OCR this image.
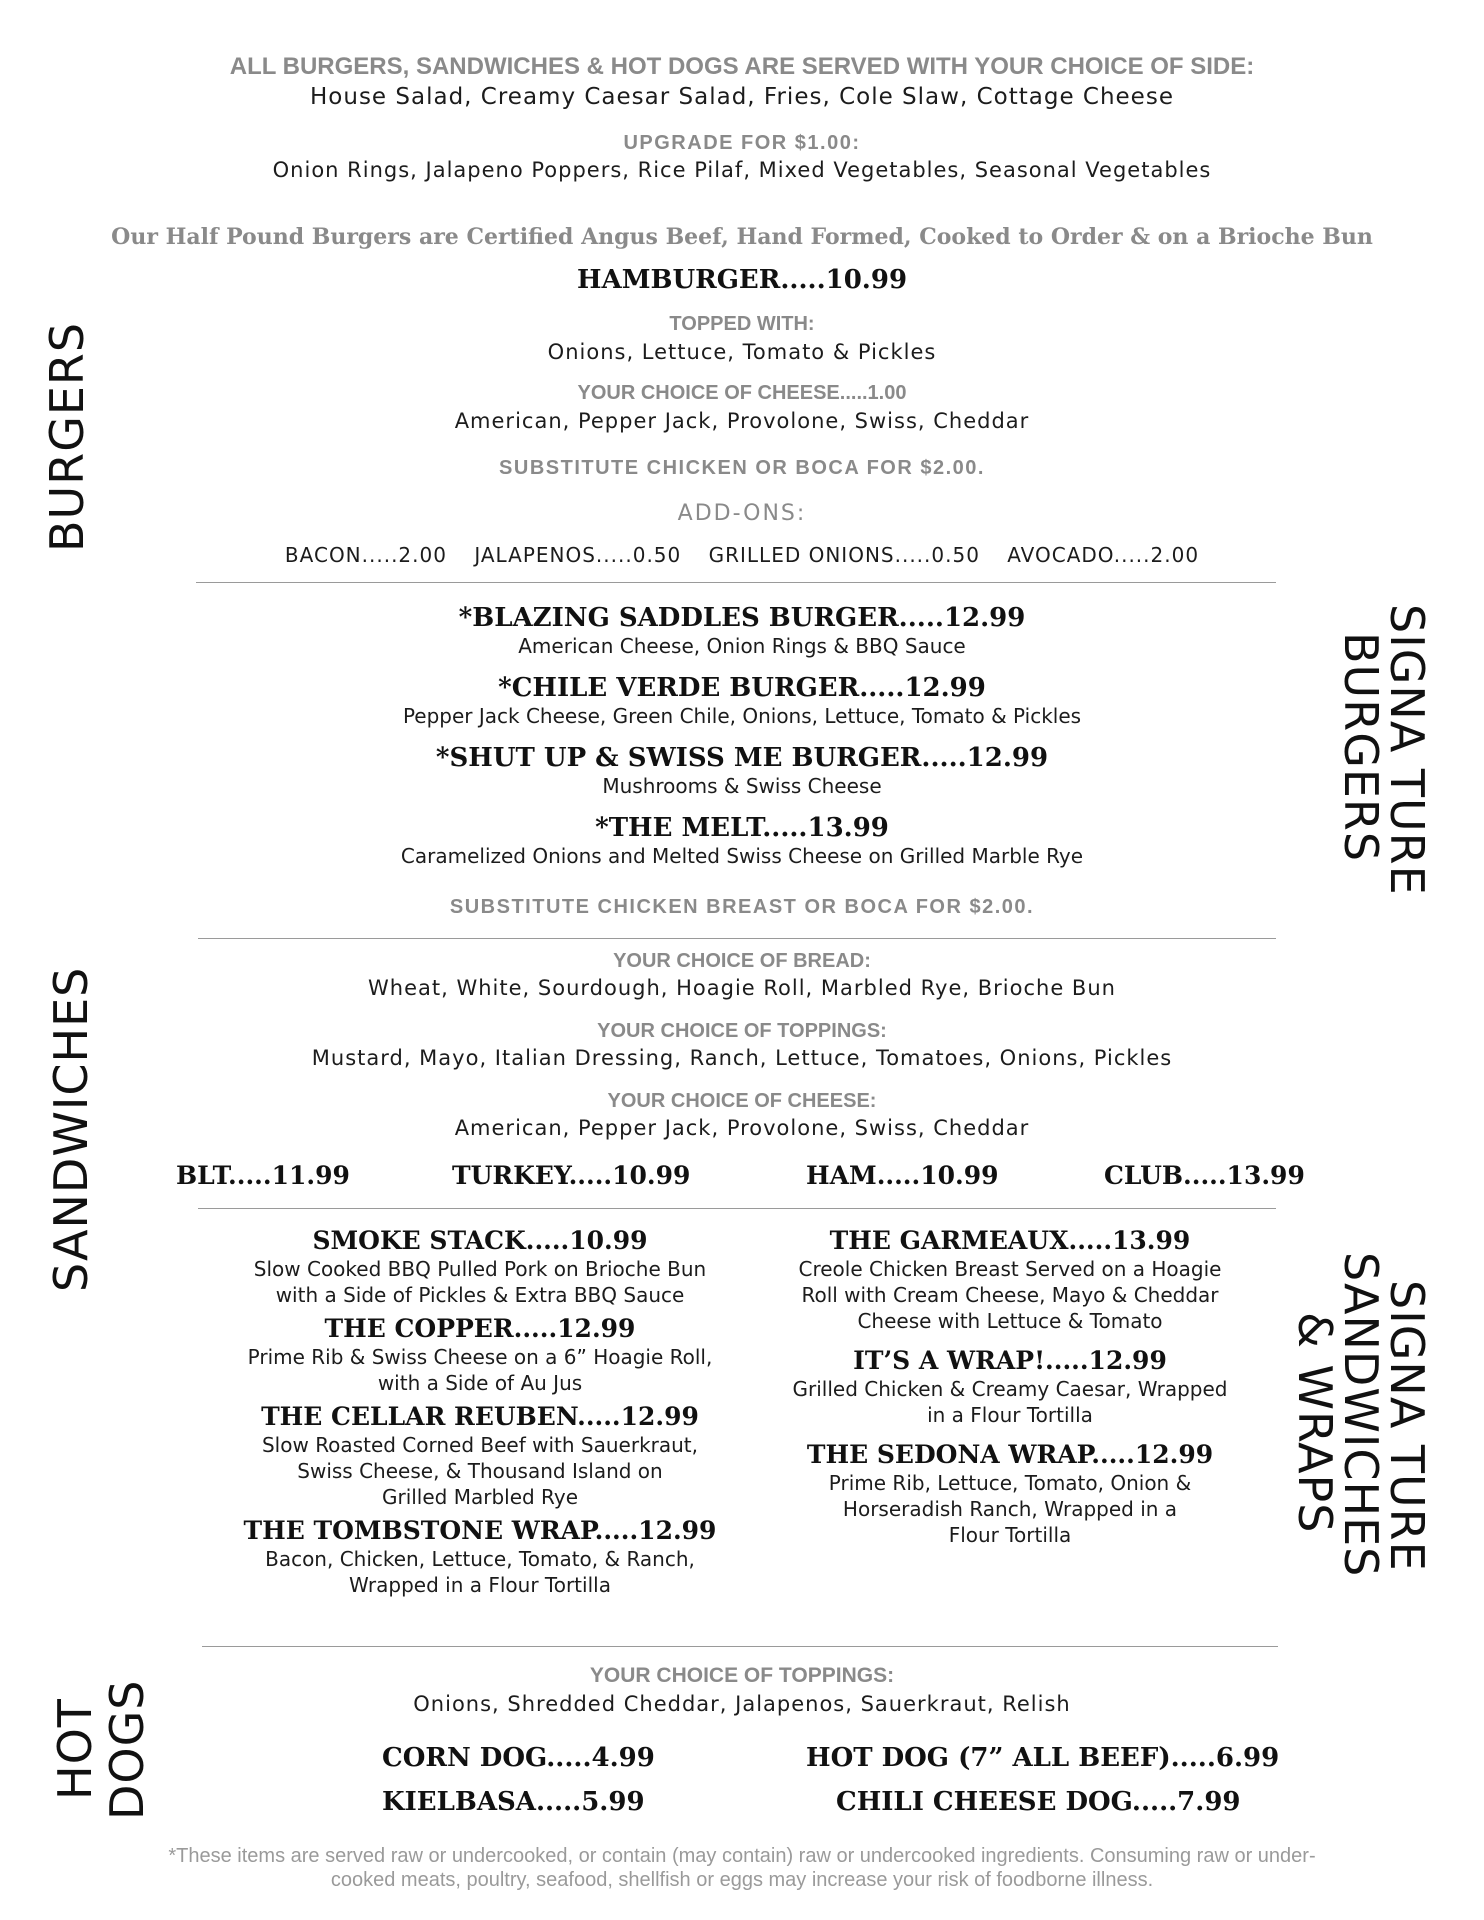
ALL BURGERS, SANDWICHES & HOT DOGS ARE SERVED WITH YOUR CHOICE OF SIDE:
House Salad, Creamy Caesar Salad, Fries, Cole Slaw, Cottage Cheese
UPGRADE FOR $1.00:
Onion Rings, Jalapeno Poppers, Rice Pilaf, Mixed Vegetables, Seasonal Vegetables
Our Half Pound Burgers are Certified Angus Beef, Hand Formed, Cooked to Order & on a Brioche Bun
BURGERS
SIGNA TURE
BURGERS
SANDWICHES
SIGNA TURE
SANDWICHES
& WRAPS
HOT
DOGS
HAMBURGER.....10.99
TOPPED WITH:
Onions, Lettuce, Tomato & Pickles
YOUR CHOICE OF CHEESE.....1.00
American, Pepper Jack, Provolone, Swiss, Cheddar
SUBSTITUTE CHICKEN OR BOCA FOR $2.00.
ADD-ONS:
BACON.....2.00 JALAPENOS.....0.50 GRILLED ONIONS.....0.50 AVOCADO.....2.00
*BLAZING SADDLES BURGER.....12.99
American Cheese, Onion Rings & BBQ Sauce
*CHILE VERDE BURGER.....12.99
Pepper Jack Cheese, Green Chile, Onions, Lettuce, Tomato & Pickles
*SHUT UP & SWISS ME BURGER.....12.99
Mushrooms & Swiss Cheese
*THE MELT.....13.99
Caramelized Onions and Melted Swiss Cheese on Grilled Marble Rye
SUBSTITUTE CHICKEN BREAST OR BOCA FOR $2.00.
YOUR CHOICE OF BREAD:
Wheat, White, Sourdough, Hoagie Roll, Marbled Rye, Brioche Bun
YOUR CHOICE OF TOPPINGS:
Mustard, Mayo, Italian Dressing, Ranch, Lettuce, Tomatoes, Onions, Pickles
YOUR CHOICE OF CHEESE:
American, Pepper Jack, Provolone, Swiss, Cheddar
BLT.....11.99	TURKEY.....10.99	HAM.....10.99	CLUB.....13.99
SMOKE STACK.....10.99
Slow Cooked BBQ Pulled Pork on Brioche Bun
with a Side of Pickles & Extra BBQ Sauce
THE COPPER.....12.99
Prime Rib & Swiss Cheese on a 6” Hoagie Roll,
with a Side of Au Jus
THE CELLAR REUBEN.....12.99
Slow Roasted Corned Beef with Sauerkraut,
Swiss Cheese, & Thousand Island on
Grilled Marbled Rye
THE TOMBSTONE WRAP.....12.99
Bacon, Chicken, Lettuce, Tomato, & Ranch,
Wrapped in a Flour Tortilla
THE GARMEAUX.....13.99
Creole Chicken Breast Served on a Hoagie
Roll with Cream Cheese, Mayo & Cheddar
Cheese with Lettuce & Tomato
IT’S A WRAP!.....12.99
Grilled Chicken & Creamy Caesar, Wrapped
in a Flour Tortilla
THE SEDONA WRAP.....12.99
Prime Rib, Lettuce, Tomato, Onion &
Horseradish Ranch, Wrapped in a
Flour Tortilla
YOUR CHOICE OF TOPPINGS:
Onions, Shredded Cheddar, Jalapenos, Sauerkraut, Relish
CORN DOG.....4.99	HOT DOG (7” ALL BEEF).....6.99
KIELBASA.....5.99	CHILI CHEESE DOG.....7.99
*These items are served raw or undercooked, or contain (may contain) raw or undercooked ingredients. Consuming raw or under-
cooked meats, poultry, seafood, shellfish or eggs may increase your risk of foodborne illness.
